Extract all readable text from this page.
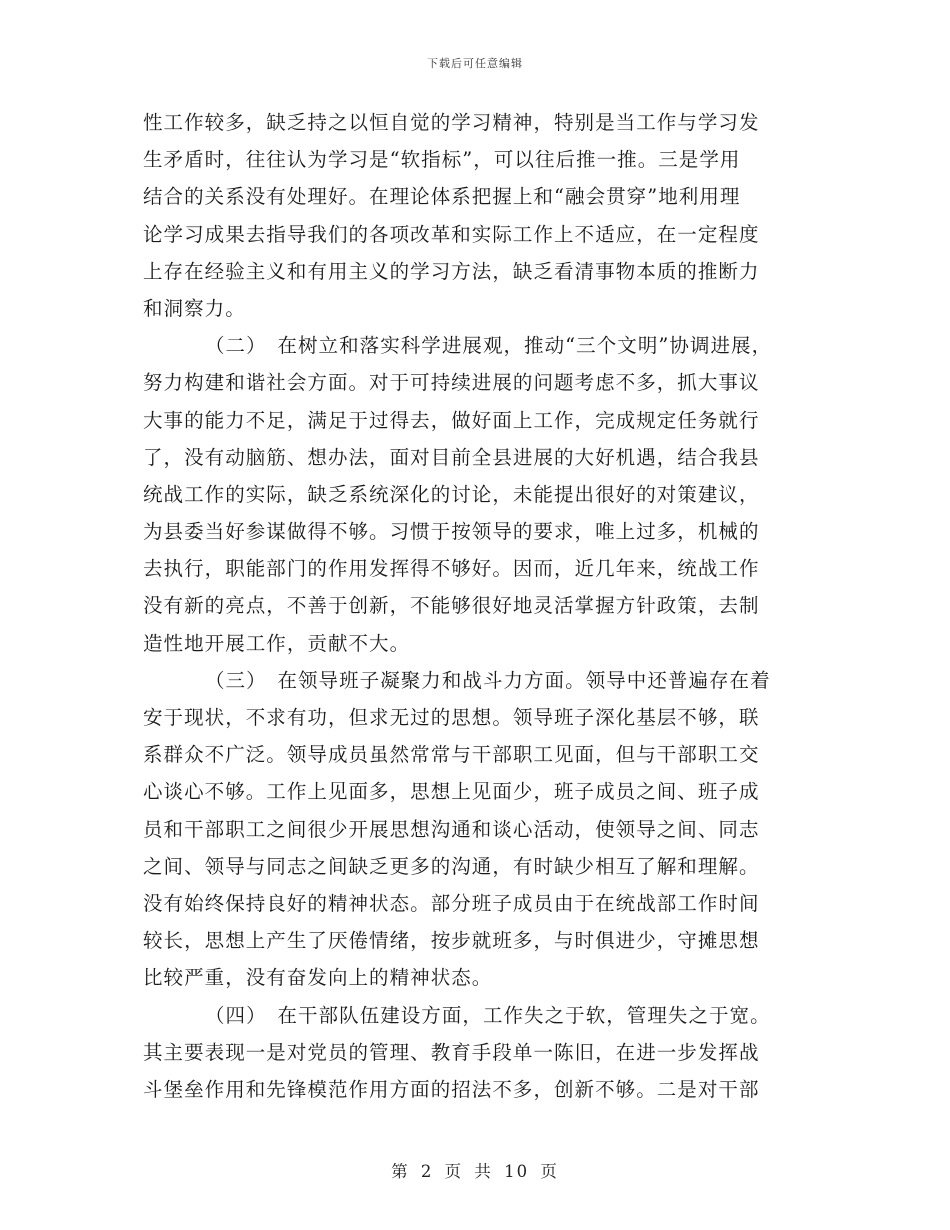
下载后可任意编辑
性工作较多，缺乏持之以恒自觉的学习精神，特别是当工作与学习发
生矛盾时，往往认为学习是“软指标”，可以往后推一推。三是学用
结合的关系没有处理好。在理论体系把握上和“融会贯穿”地利用理
论学习成果去指导我们的各项改革和实际工作上不适应，在一定程度
上存在经验主义和有用主义的学习方法，缺乏看清事物本质的推断力
和洞察力。
（二）　在树立和落实科学进展观，推动“三个文明”协调进展，
努力构建和谐社会方面。对于可持续进展的问题考虑不多，抓大事议
大事的能力不足，满足于过得去，做好面上工作，完成规定任务就行
了，没有动脑筋、想办法，面对目前全县进展的大好机遇，结合我县
统战工作的实际，缺乏系统深化的讨论，未能提出很好的对策建议，
为县委当好参谋做得不够。习惯于按领导的要求，唯上过多，机械的
去执行，职能部门的作用发挥得不够好。因而，近几年来，统战工作
没有新的亮点，不善于创新，不能够很好地灵活掌握方针政策，去制
造性地开展工作，贡献不大。
（三）　在领导班子凝聚力和战斗力方面。领导中还普遍存在着
安于现状，不求有功，但求无过的思想。领导班子深化基层不够，联
系群众不广泛。领导成员虽然常常与干部职工见面，但与干部职工交
心谈心不够。工作上见面多，思想上见面少，班子成员之间、班子成
员和干部职工之间很少开展思想沟通和谈心活动，使领导之间、同志
之间、领导与同志之间缺乏更多的沟通，有时缺少相互了解和理解。
没有始终保持良好的精神状态。部分班子成员由于在统战部工作时间
较长，思想上产生了厌倦情绪，按步就班多，与时俱进少，守摊思想
比较严重，没有奋发向上的精神状态。
（四）　在干部队伍建设方面，工作失之于软，管理失之于宽。
其主要表现一是对党员的管理、教育手段单一陈旧，在进一步发挥战
斗堡垒作用和先锋模范作用方面的招法不多，创新不够。二是对干部
第 2 页 共 10 页
